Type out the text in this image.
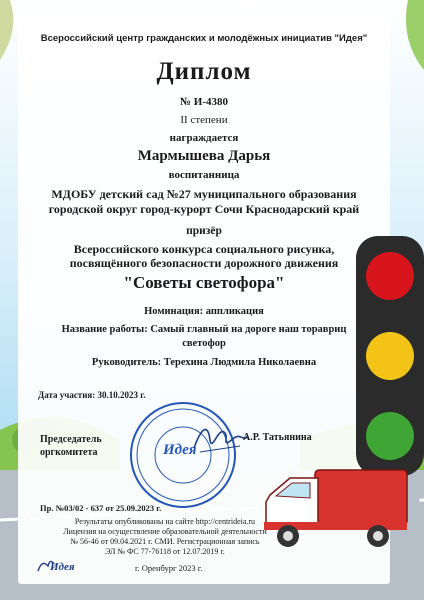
Всероссийский центр гражданских и молодёжных инициатив "Идея"
Диплом
№ И-4380
II степени
награждается
Мармышева Дарья
воспитанница
МДОБУ детский сад №27 муниципального образования
городской округ город-курорт Сочи Краснодарский край
призёр
Всероссийского конкурса социального рисунка,
посвящённого безопасности дорожного движения
"Советы светофора"
Номинация: аппликация
Название работы: Самый главный на дороге наш торавриц
светофор
Руководитель: Терехина Людмила Николаевна
Дата участия: 30.10.2023 г.
Председатель
оргкомитета	Идея
А.Р. Татьянина
Пр. №03/02 - 637 от 25.09.2023 г.
Результаты опубликованы на сайте http://centrideia.ru
Лицензия на осуществление образовательной деятельности
№ 56-46 от 09.04.2021 г. СМИ. Регистрационная запись
ЭЛ № ФС 77-76118 от 12.07.2019 г.
Идея	г. Оренбург 2023 г.
